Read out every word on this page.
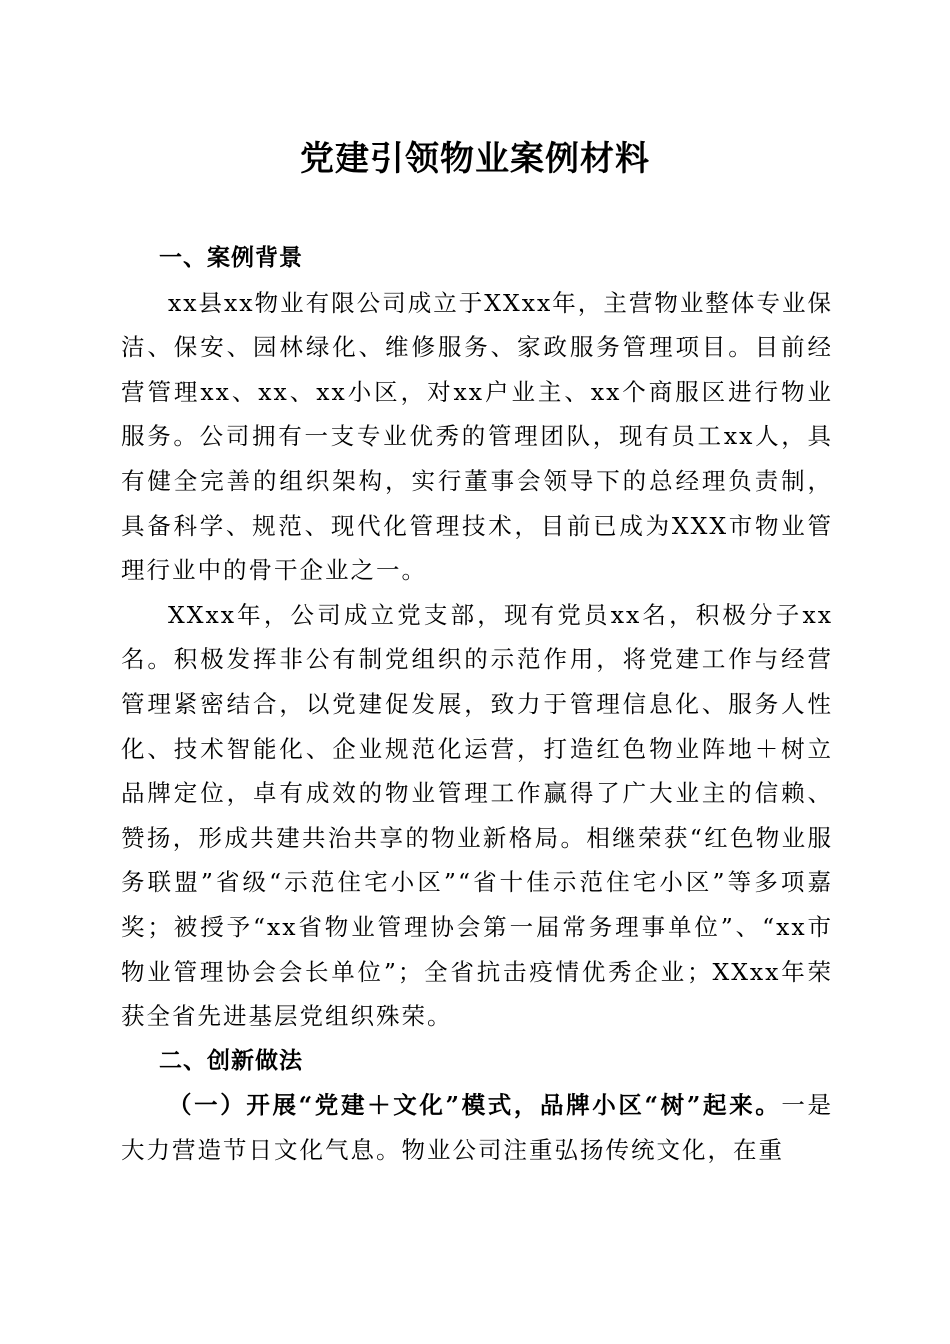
党建引领物业案例材料

一、案例背景

xx县xx物业有限公司成立于XXxx年，主营物业整体专业保洁、保安、园林绿化、维修服务、家政服务管理项目。目前经营管理xx、xx、xx小区，对xx户业主、xx个商服区进行物业服务。公司拥有一支专业优秀的管理团队，现有员工xx人，具有健全完善的组织架构，实行董事会领导下的总经理负责制，具备科学、规范、现代化管理技术，目前已成为XXX市物业管理行业中的骨干企业之一。

XXxx年，公司成立党支部，现有党员xx名，积极分子xx名。积极发挥非公有制党组织的示范作用，将党建工作与经营管理紧密结合，以党建促发展，致力于管理信息化、服务人性化、技术智能化、企业规范化运营，打造红色物业阵地＋树立品牌定位，卓有成效的物业管理工作赢得了广大业主的信赖、赞扬，形成共建共治共享的物业新格局。相继荣获“红色物业服务联盟”省级“示范住宅小区”“省十佳示范住宅小区”等多项嘉奖；被授予“xx省物业管理协会第一届常务理事单位”、“xx市物业管理协会会长单位”；全省抗击疫情优秀企业；XXxx年荣获全省先进基层党组织殊荣。

二、创新做法

（一）开展“党建＋文化”模式，品牌小区“树”起来。一是大力营造节日文化气息。物业公司注重弘扬传统文化，在重
